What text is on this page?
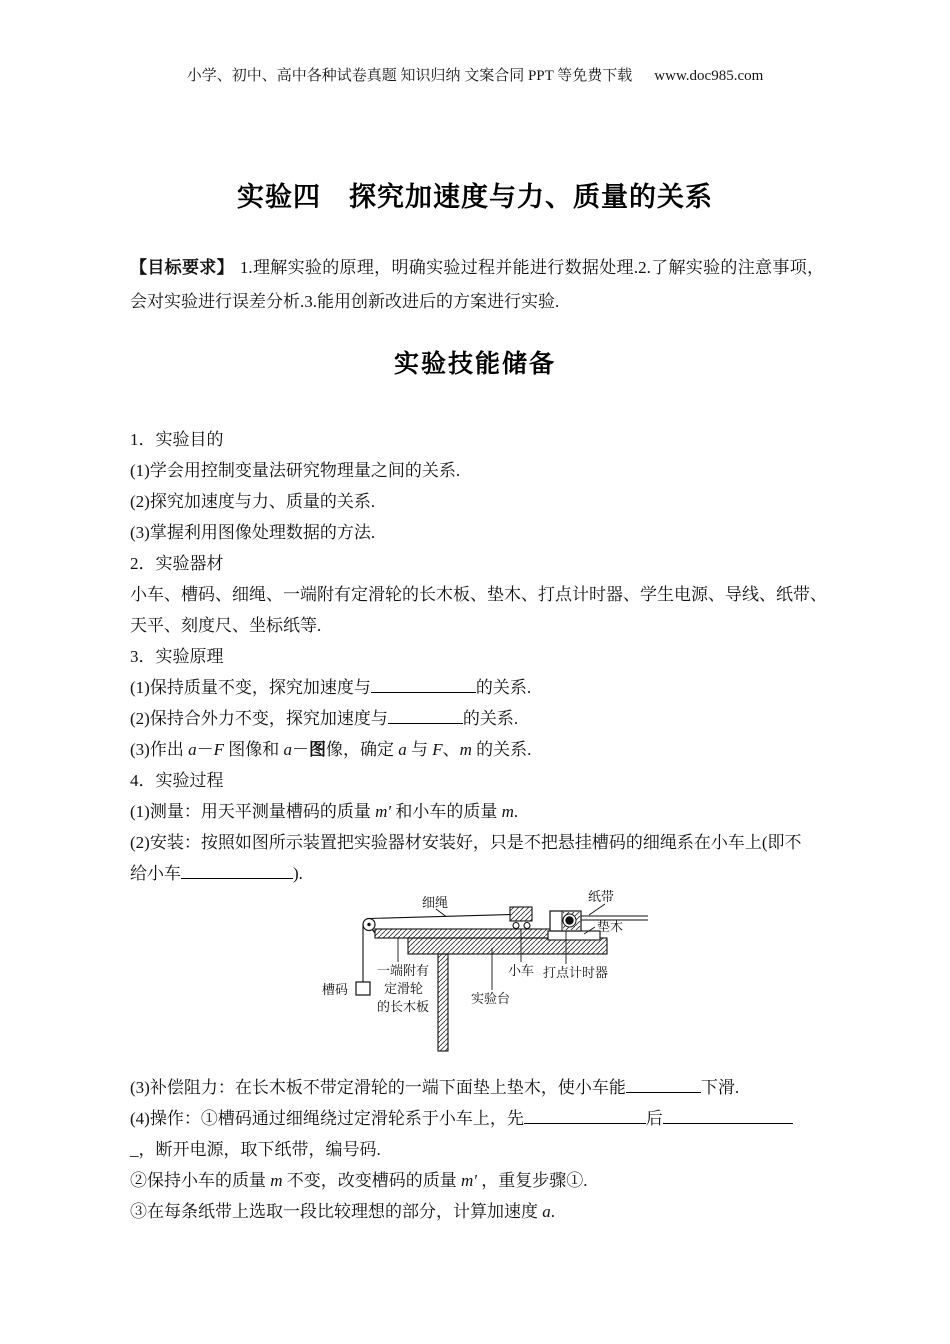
小学、初中、高中各种试卷真题 知识归纳 文案合同 PPT 等免费下载 www.doc985.com
实验四　探究加速度与力、质量的关系

【目标要求】 1.理解实验的原理，明确实验过程并能进行数据处理.2.了解实验的注意事项，会对实验进行误差分析.3.能用创新改进后的方案进行实验.

实验技能储备
1．实验目的
(1)学会用控制变量法研究物理量之间的关系.
(2)探究加速度与力、质量的关系.
(3)掌握利用图像处理数据的方法.
2．实验器材
小车、槽码、细绳、一端附有定滑轮的长木板、垫木、打点计时器、学生电源、导线、纸带、
天平、刻度尺、坐标纸等.
3．实验原理
(1)保持质量不变，探究加速度与	的关系.
(2)保持合外力不变，探究加速度与	的关系.
(3)作出 a－F 图像和 a－图像，确定 a 与 F、m 的关系.
4．实验过程
(1)测量：用天平测量槽码的质量 m′ 和小车的质量 m.
(2)安装：按照如图所示装置把实验器材安装好，只是不把悬挂槽码的细绳系在小车上(即不
给小车	).
细绳	纸带
垫木
小车 打点计时器
实验台
一端附有
定滑轮
的长木板
槽码
(3)补偿阻力：在长木板不带定滑轮的一端下面垫上垫木，使小车能	下滑.
(4)操作：①槽码通过细绳绕过定滑轮系于小车上，先	后
_，断开电源，取下纸带，编号码.
②保持小车的质量 m 不变，改变槽码的质量 m′ ，重复步骤①.
③在每条纸带上选取一段比较理想的部分，计算加速度 a.
